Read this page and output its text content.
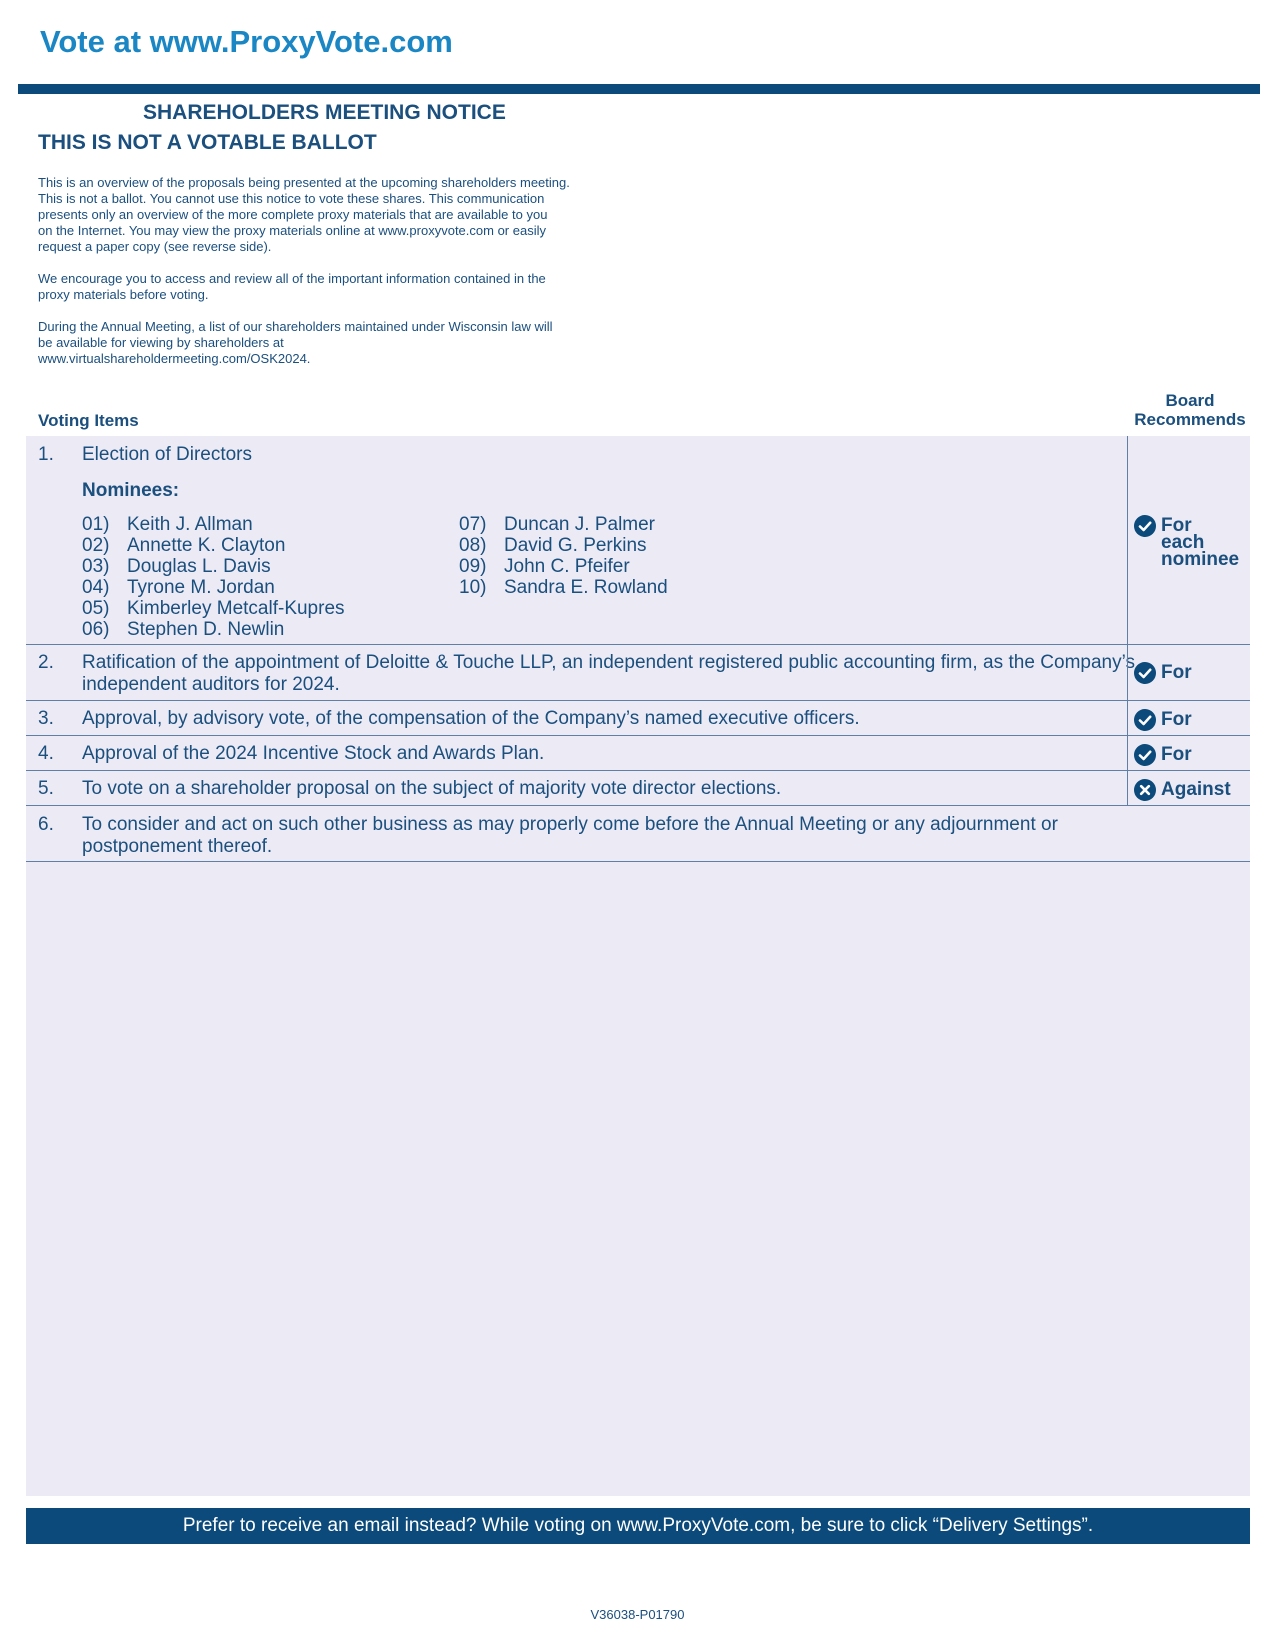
Vote at www.ProxyVote.com
SHAREHOLDERS MEETING NOTICE
THIS IS NOT A VOTABLE BALLOT

This is an overview of the proposals being presented at the upcoming shareholders meeting.
This is not a ballot. You cannot use this notice to vote these shares. This communication
presents only an overview of the more complete proxy materials that are available to you
on the Internet. You may view the proxy materials online at www.proxyvote.com or easily
request a paper copy (see reverse side).

We encourage you to access and review all of the important information contained in the
proxy materials before voting.

During the Annual Meeting, a list of our shareholders maintained under Wisconsin law will
be available for viewing by shareholders at
www.virtualshareholdermeeting.com/OSK2024.

Voting Items
Board
Recommends
1. Election of Directors
Nominees:
01) Keith J. Allman
02) Annette K. Clayton
03) Douglas L. Davis
04) Tyrone M. Jordan
05) Kimberley Metcalf-Kupres
06) Stephen D. Newlin
07) Duncan J. Palmer
08) David G. Perkins
09) John C. Pfeifer
10) Sandra E. Rowland
For
each
nominee
2. Ratification of the appointment of Deloitte & Touche LLP, an independent registered public accounting firm, as the Company’s independent auditors for 2024.
For
3. Approval, by advisory vote, of the compensation of the Company’s named executive officers.	For
4. Approval of the 2024 Incentive Stock and Awards Plan.	For
5. To vote on a shareholder proposal on the subject of majority vote director elections.	Against
6. To consider and act on such other business as may properly come before the Annual Meeting or any adjournment or postponement thereof.
Prefer to receive an email instead? While voting on www.ProxyVote.com, be sure to click “Delivery Settings”.
V36038-P01790
